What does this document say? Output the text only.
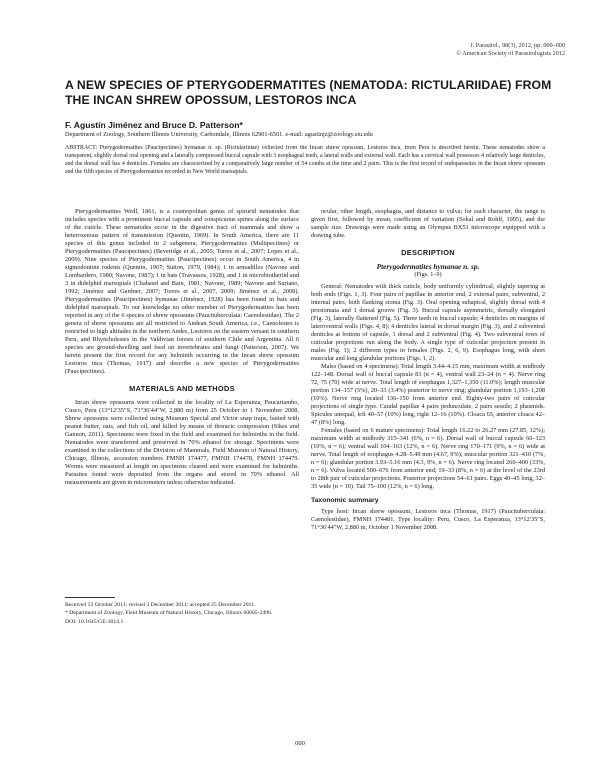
J. Parasitol., 98(3), 2012, pp. 000–000
© American Society of Parasitologists 2012
A NEW SPECIES OF PTERYGODERMATITES (NEMATODA: RICTULARIIDAE) FROM THE INCAN SHREW OPOSSUM, LESTOROS INCA
F. Agustín Jiménez and Bruce D. Patterson*
Department of Zoology, Southern Illinois University, Carbondale, Illinois 62901-6501. e-mail: agustinjz@zoology.siu.edu
ABSTRACT: Pterygodermatites (Paucipectines) hymanae n. sp. (Rictulariidae) collected from the Incan shrew opossum, Lestoros inca, from Peru is described herein. These nematodes show a transparent, slightly dorsal oral opening and a laterally compressed buccal capsule with 3 esophageal teeth, a lateral walls and external wall. Each has a cervical wall possesses 4 relatively large denticles, and the dorsal wall has 4 denticles. Females are characterized by a comparatively large number of 54 combs at the time and 2 pairs. This is the first record of endoparasites in the Incan shrew opossum and the fifth species of Pterygodermatites recorded in New World marsupials.

Pterygodermatites Wedl, 1861, is a cosmopolitan genus of spirurid nematodes that includes species with a prominent buccal capsule and conspicuous spines along the surface of the cuticle. These nematodes occur in the digestive tract of mammals and show a heteroxenous pattern of transmission (Quentin, 1969). In South America, there are 11 species of this genus included in 2 subgenera, Pterygodermatites (Multipectines) or Pterygodermatites (Paucipectines) (Beveridge et al., 2005; Torres et al., 2007; Lopes et al., 2009). Nine species of Pterygodermatites (Paucipectines) occur in South America, 4 in sigmodontine rodents (Quentin, 1967; Sutton, 1979, 1984); 1 in armadillos (Navone and Lombardero, 1980; Navone, 1987); 1 in bats (Travassos, 1928), and 1 in microbiotheriid and 3 in didelphid marsupials (Chabaud and Bain, 1981; Navone, 1989; Navone and Suriano, 1992; Jiménez and Gardner, 2007; Torres et al., 2007, 2009; Jiménez et al., 2008). Pterygodermatites (Paucipectines) hymanae (Jiménez, 1928) has been found in bats and didelphid marsupials. To our knowledge no other member of Pterygodermatites has been reported in any of the 6 species of shrew opossums (Paucituberculata: Caenolestidae). The 2 genera of shrew opossums are all restricted to Andean South America, i.e., Caenolestes is restricted to high altitudes in the northern Andes, Lestoros on the eastern versant in southern Peru, and Rhyncholestes in the Valdivian forests of southern Chile and Argentina. All 6 species are ground-dwelling and feed on invertebrates and fungi (Patterson, 2007). We herein present the first record for any helminth occurring in the Incan shrew opossum Lestoros inca (Thomas, 1917) and describe a new species of Pterygodermatites (Paucipectines).

MATERIALS AND METHODS

Incan shrew opossums were collected in the locality of La Esperanza, Paucartambo, Cusco, Peru (13°12′35″S, 71°36′44″W, 2,880 m) from 25 October to 1 November 2008. Shrew opossums were collected using Museum Special and Victor snap traps, baited with peanut butter, oats, and fish oil, and killed by means of thoracic compression (Sikes and Gannon, 2011). Specimens were fixed in the field and examined for helminths in the field. Nematodes were transferred and preserved in 70% ethanol for storage. Specimens were examined in the collections of the Division of Mammals, Field Museum of Natural History, Chicago, Illinois, accession numbers FMNH 174477, FMNH 174478, FMNH 174479. Worms were measured at length on specimens cleared and were examined for helminths. Parasites found were deposited from the organs and stored in 70% ethanol. All measurements are given in micrometers unless otherwise indicated.

Received 13 October 2011; revised 3 December 2011; accepted 25 December 2011.

* Department of Zoology, Field Museum of Natural History, Chicago, Illinois 60605-2496.

DOI: 10.1645/GE-3014.1

ocular, other length, esophagus, and distance to vulva; for each character, the range is given first, followed by mean, coefficient of variation (Sokal and Rohlf, 1995), and the sample size. Drawings were made using an Olympus BX51 microscope equipped with a drawing tube.

DESCRIPTION
Pterygodermatites hymanae n. sp.
(Figs. 1–9)

General: Nematodes with thick cuticle, body uniformly cylindrical, slightly tapering at both ends (Figs. 1, 3). Four pairs of papillae in anterior end, 2 external pairs, subventral, 2 internal pairs, both flanking stoma (Fig. 3). Oral opening subapical, slightly dorsal with 4 prostomata and 1 dorsal groove (Fig. 3). Buccal capsule asymmetric, dorsally elongated (Fig. 3), laterally flattened (Fig. 5). Three teeth in buccal capsule; 4 denticles on margins of lateroventral walls (Figs. 4, 8); 4 denticles lateral in dorsal margin (Fig. 3), and 2 subventral denticles at bottom of capsule, 1 dorsal and 2 subventral (Fig. 4). Two subventral rows of cuticular projections run along the body. A single type of cuticular projection present in males (Fig. 1); 2 different types in females (Figs. 2, 6, 9). Esophagus long, with short muscular and long glandular portions (Figs. 1, 2).

Males (based on 4 specimens): Total length 3.44–4.15 mm, maximum width at midbody 122–148. Dorsal wall of buccal capsule 83 (n = 4), ventral wall 23–24 (n = 4). Nerve ring 72, 75 (70) wide at nerve. Total length of esophagus 1,327–1,350 (11.0%); length muscular portion 134–157 (5%), 20–33 (3.4%) posterior to nerve ring; glandular portion 1,193–1,208 (10%). Nerve ring located 136–150 from anterior end. Eighty-two pairs of cuticular projections of single type. Caudal papillae 4 pairs pedunculate, 2 pairs sessile; 2 phasmids. Spicules unequal, left 40–57 (10%) long, right 12–16 (10%). Cloaca 65, anterior cloaca 42–47 (8%) long.

Females (based on 6 mature specimens): Total length 16.22 to 26.27 mm (27.85, 12%); maximum width at midbody 315–341 (6%, n = 6). Dorsal wall of buccal capsule 60–123 (10%, n = 6); ventral wall 104–163 (12%, n = 6). Nerve ring 170–171 (9%, n = 6) wide at nerve. Total length of esophagus 4.28–5.49 mm (4.67, 9%); muscular portion 321–410 (7%, n = 6); glandular portion 3.93–5.16 mm (4.3, 9%, n = 6). Nerve ring located 260–400 (33%, n = 6). Vulva located 500–676 from anterior end; 19–33 (8%, n = 6) at the level of the 23rd to 28th pair of cuticular projections. Posterior projections 54–61 pairs. Eggs 40–45 long, 32–35 wide (n = 10). Tail 75–100 (12%, n = 6) long.

Taxonomic summary

Type host: Incan shrew opossum, Lestoros inca (Thomas, 1917) (Paucituberculata: Caenolestidae), FMNH 174481. Type locality: Peru, Cusco, La Esperanza, 13°12′35″S, 71°36′44″W, 2,880 m, October 1 November 2008.

000
